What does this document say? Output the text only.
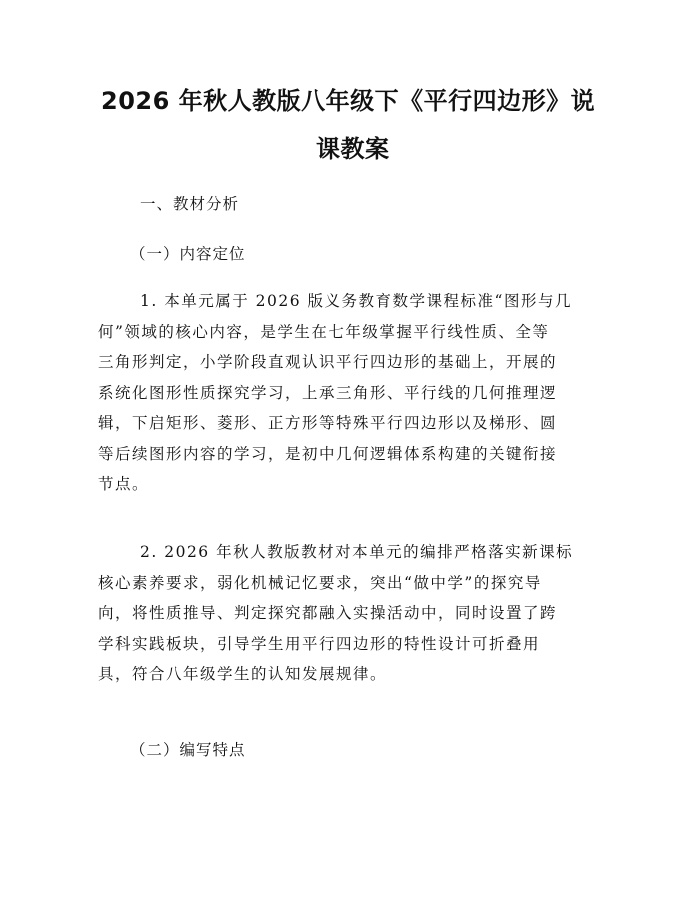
2026 年秋人教版八年级下《平行四边形》说
课教案
一、教材分析
（一）内容定位
1. 本单元属于 2026 版义务教育数学课程标准“图形与几
何”领域的核心内容，是学生在七年级掌握平行线性质、全等
三角形判定，小学阶段直观认识平行四边形的基础上，开展的
系统化图形性质探究学习，上承三角形、平行线的几何推理逻
辑，下启矩形、菱形、正方形等特殊平行四边形以及梯形、圆
等后续图形内容的学习，是初中几何逻辑体系构建的关键衔接
节点。
2. 2026 年秋人教版教材对本单元的编排严格落实新课标
核心素养要求，弱化机械记忆要求，突出“做中学”的探究导
向，将性质推导、判定探究都融入实操活动中，同时设置了跨
学科实践板块，引导学生用平行四边形的特性设计可折叠用
具，符合八年级学生的认知发展规律。
（二）编写特点
